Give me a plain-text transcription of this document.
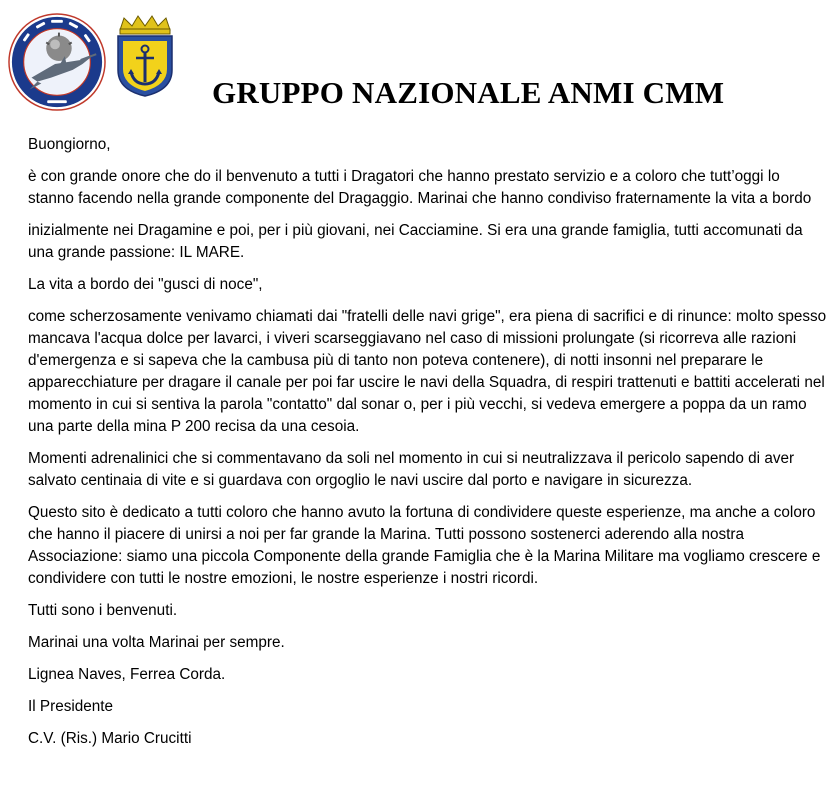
GRUPPO NAZIONALE ANMI CMM

Buongiorno,

è con grande onore che do il benvenuto a tutti i Dragatori che hanno prestato servizio e a coloro che tutt’oggi lo stanno facendo nella grande componente del Dragaggio. Marinai che hanno condiviso fraternamente la vita a bordo

inizialmente nei Dragamine e poi, per i più giovani, nei Cacciamine. Si era una grande famiglia, tutti accomunati da una grande passione: IL MARE.

La vita a bordo dei "gusci di noce",

come scherzosamente venivamo chiamati dai "fratelli delle navi grige", era piena di sacrifici e di rinunce: molto spesso mancava l'acqua dolce per lavarci, i viveri scarseggiavano nel caso di missioni prolungate (si ricorreva alle razioni d'emergenza e si sapeva che la cambusa più di tanto non poteva contenere), di notti insonni nel preparare le apparecchiature per dragare il canale per poi far uscire le navi della Squadra, di respiri trattenuti e battiti accelerati nel momento in cui si sentiva la parola "contatto" dal sonar o, per i più vecchi, si vedeva emergere a poppa da un ramo una parte della mina P 200 recisa da una cesoia.

Momenti adrenalinici che si commentavano da soli nel momento in cui si neutralizzava il pericolo sapendo di aver salvato centinaia di vite e si guardava con orgoglio le navi uscire dal porto e navigare in sicurezza.

Questo sito è dedicato a tutti coloro che hanno avuto la fortuna di condividere queste esperienze, ma anche a coloro che hanno il piacere di unirsi a noi per far grande la Marina. Tutti possono sostenerci aderendo alla nostra Associazione: siamo una piccola Componente della grande Famiglia che è la Marina Militare ma vogliamo crescere e condividere con tutti le nostre emozioni, le nostre esperienze i nostri ricordi.

Tutti sono i benvenuti.

Marinai una volta Marinai per sempre.

Lignea Naves, Ferrea Corda.

Il Presidente

C.V. (Ris.) Mario Crucitti
